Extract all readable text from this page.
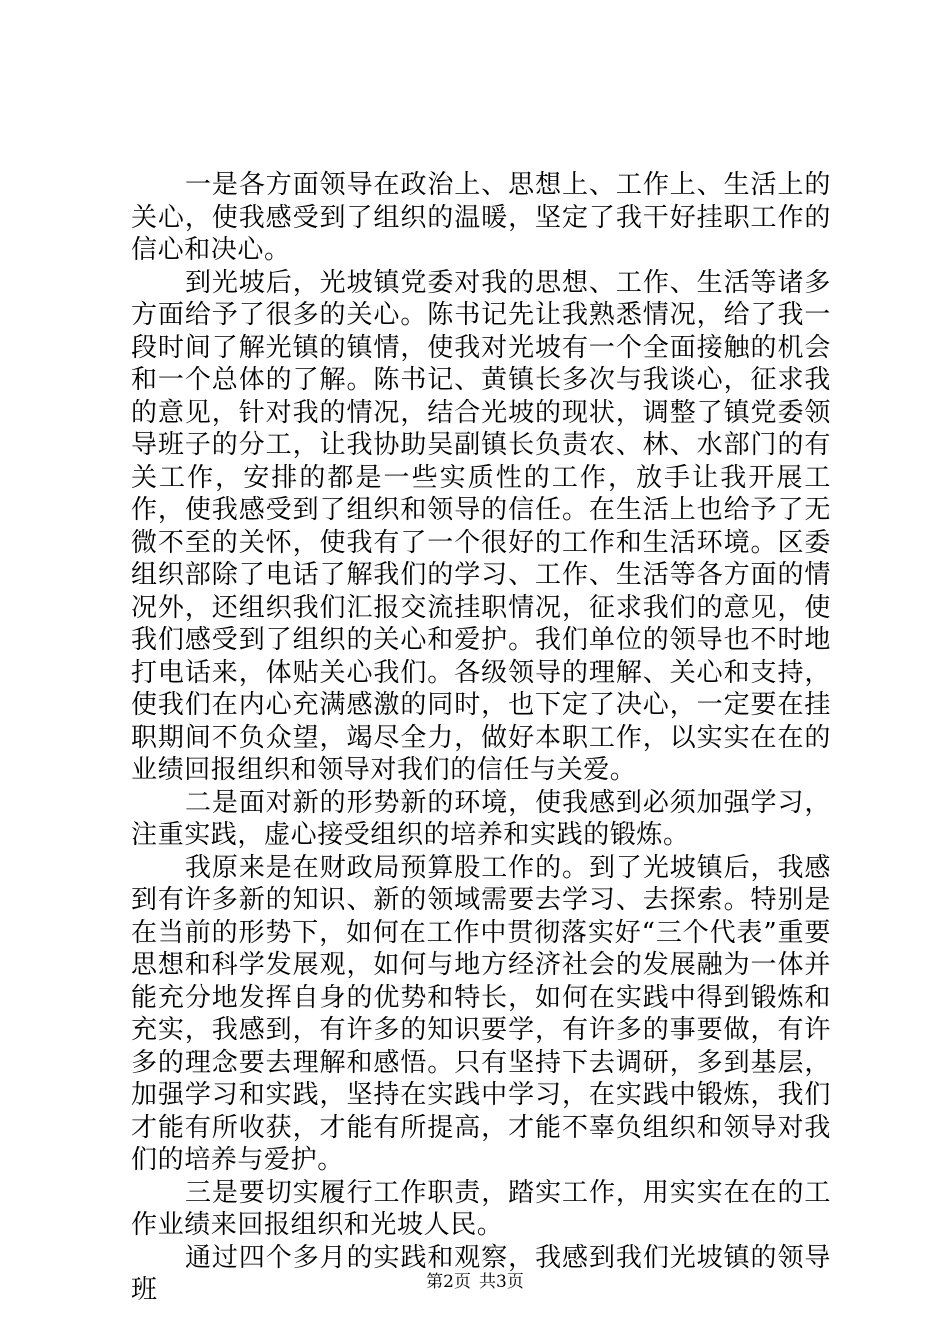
一是各方面领导在政治上、思想上、工作上、生活上的关心，使我感受到了组织的温暖，坚定了我干好挂职工作的信心和决心。

到光坡后，光坡镇党委对我的思想、工作、生活等诸多方面给予了很多的关心。陈书记先让我熟悉情况，给了我一段时间了解光镇的镇情，使我对光坡有一个全面接触的机会和一个总体的了解。陈书记、黄镇长多次与我谈心，征求我的意见，针对我的情况，结合光坡的现状，调整了镇党委领导班子的分工，让我协助吴副镇长负责农、林、水部门的有关工作，安排的都是一些实质性的工作，放手让我开展工作，使我感受到了组织和领导的信任。在生活上也给予了无微不至的关怀，使我有了一个很好的工作和生活环境。区委组织部除了电话了解我们的学习、工作、生活等各方面的情况外，还组织我们汇报交流挂职情况，征求我们的意见，使我们感受到了组织的关心和爱护。我们单位的领导也不时地打电话来，体贴关心我们。各级领导的理解、关心和支持，使我们在内心充满感激的同时，也下定了决心，一定要在挂职期间不负众望，竭尽全力，做好本职工作，以实实在在的业绩回报组织和领导对我们的信任与关爱。

二是面对新的形势新的环境，使我感到必须加强学习，注重实践，虚心接受组织的培养和实践的锻炼。

我原来是在财政局预算股工作的。到了光坡镇后，我感到有许多新的知识、新的领域需要去学习、去探索。特别是在当前的形势下，如何在工作中贯彻落实好“三个代表”重要思想和科学发展观，如何与地方经济社会的发展融为一体并能充分地发挥自身的优势和特长，如何在实践中得到锻炼和充实，我感到，有许多的知识要学，有许多的事要做，有许多的理念要去理解和感悟。只有坚持下去调研，多到基层，加强学习和实践，坚持在实践中学习，在实践中锻炼，我们才能有所收获，才能有所提高，才能不辜负组织和领导对我们的培养与爱护。

三是要切实履行工作职责，踏实工作，用实实在在的工作业绩来回报组织和光坡人民。

通过四个多月的实践和观察，我感到我们光坡镇的领导班	第2页 共3页
